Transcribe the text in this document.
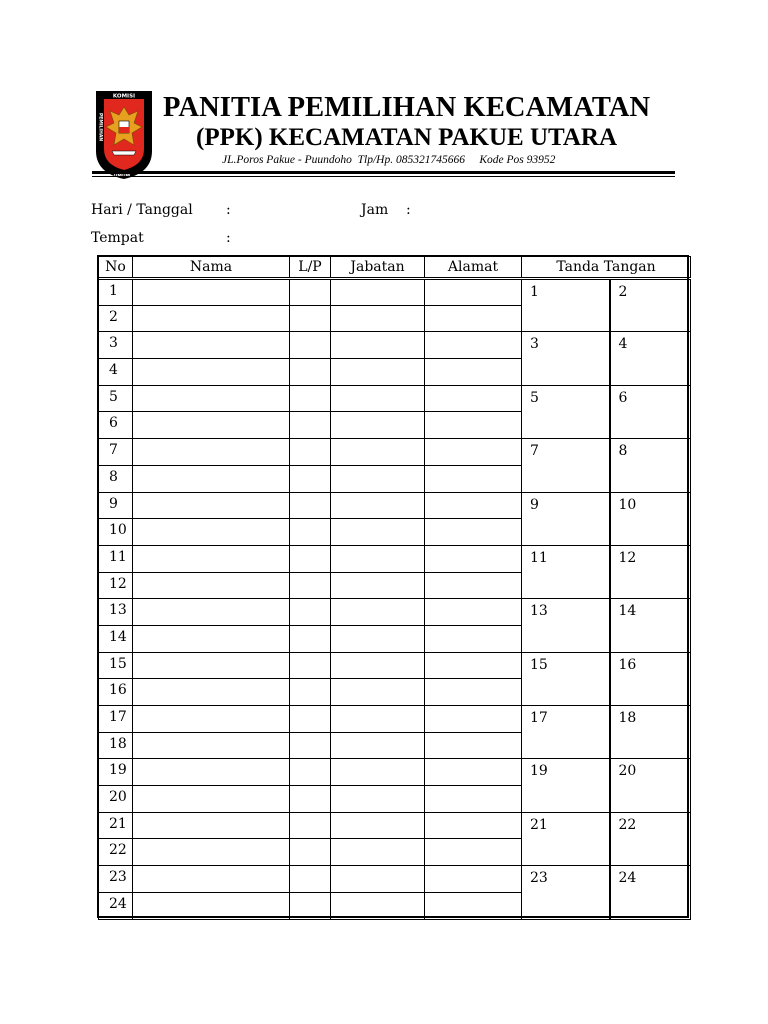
KOMISI
PEMILIHAN
PANITIA PEMILIHAN KECAMATAN
(PPK) KECAMATAN PAKUE UTARA
JL.Poros Pakue - Puundoho  Tlp/Hp. 085321745666     Kode Pos 93952
Hari / Tanggal :	Jam :
Tempat	:
No	Nama	L/P	Jabatan	Alamat	Tanda Tangan	
1					1	2
2						
3					3	4
4						
5					5	6
6						
7					7	8
8						
9					9	10
10						
11					11	12
12						
13					13	14
14						
15					15	16
16						
17					17	18
18						
19					19	20
20						
21					21	22
22						
23					23	24
24						
